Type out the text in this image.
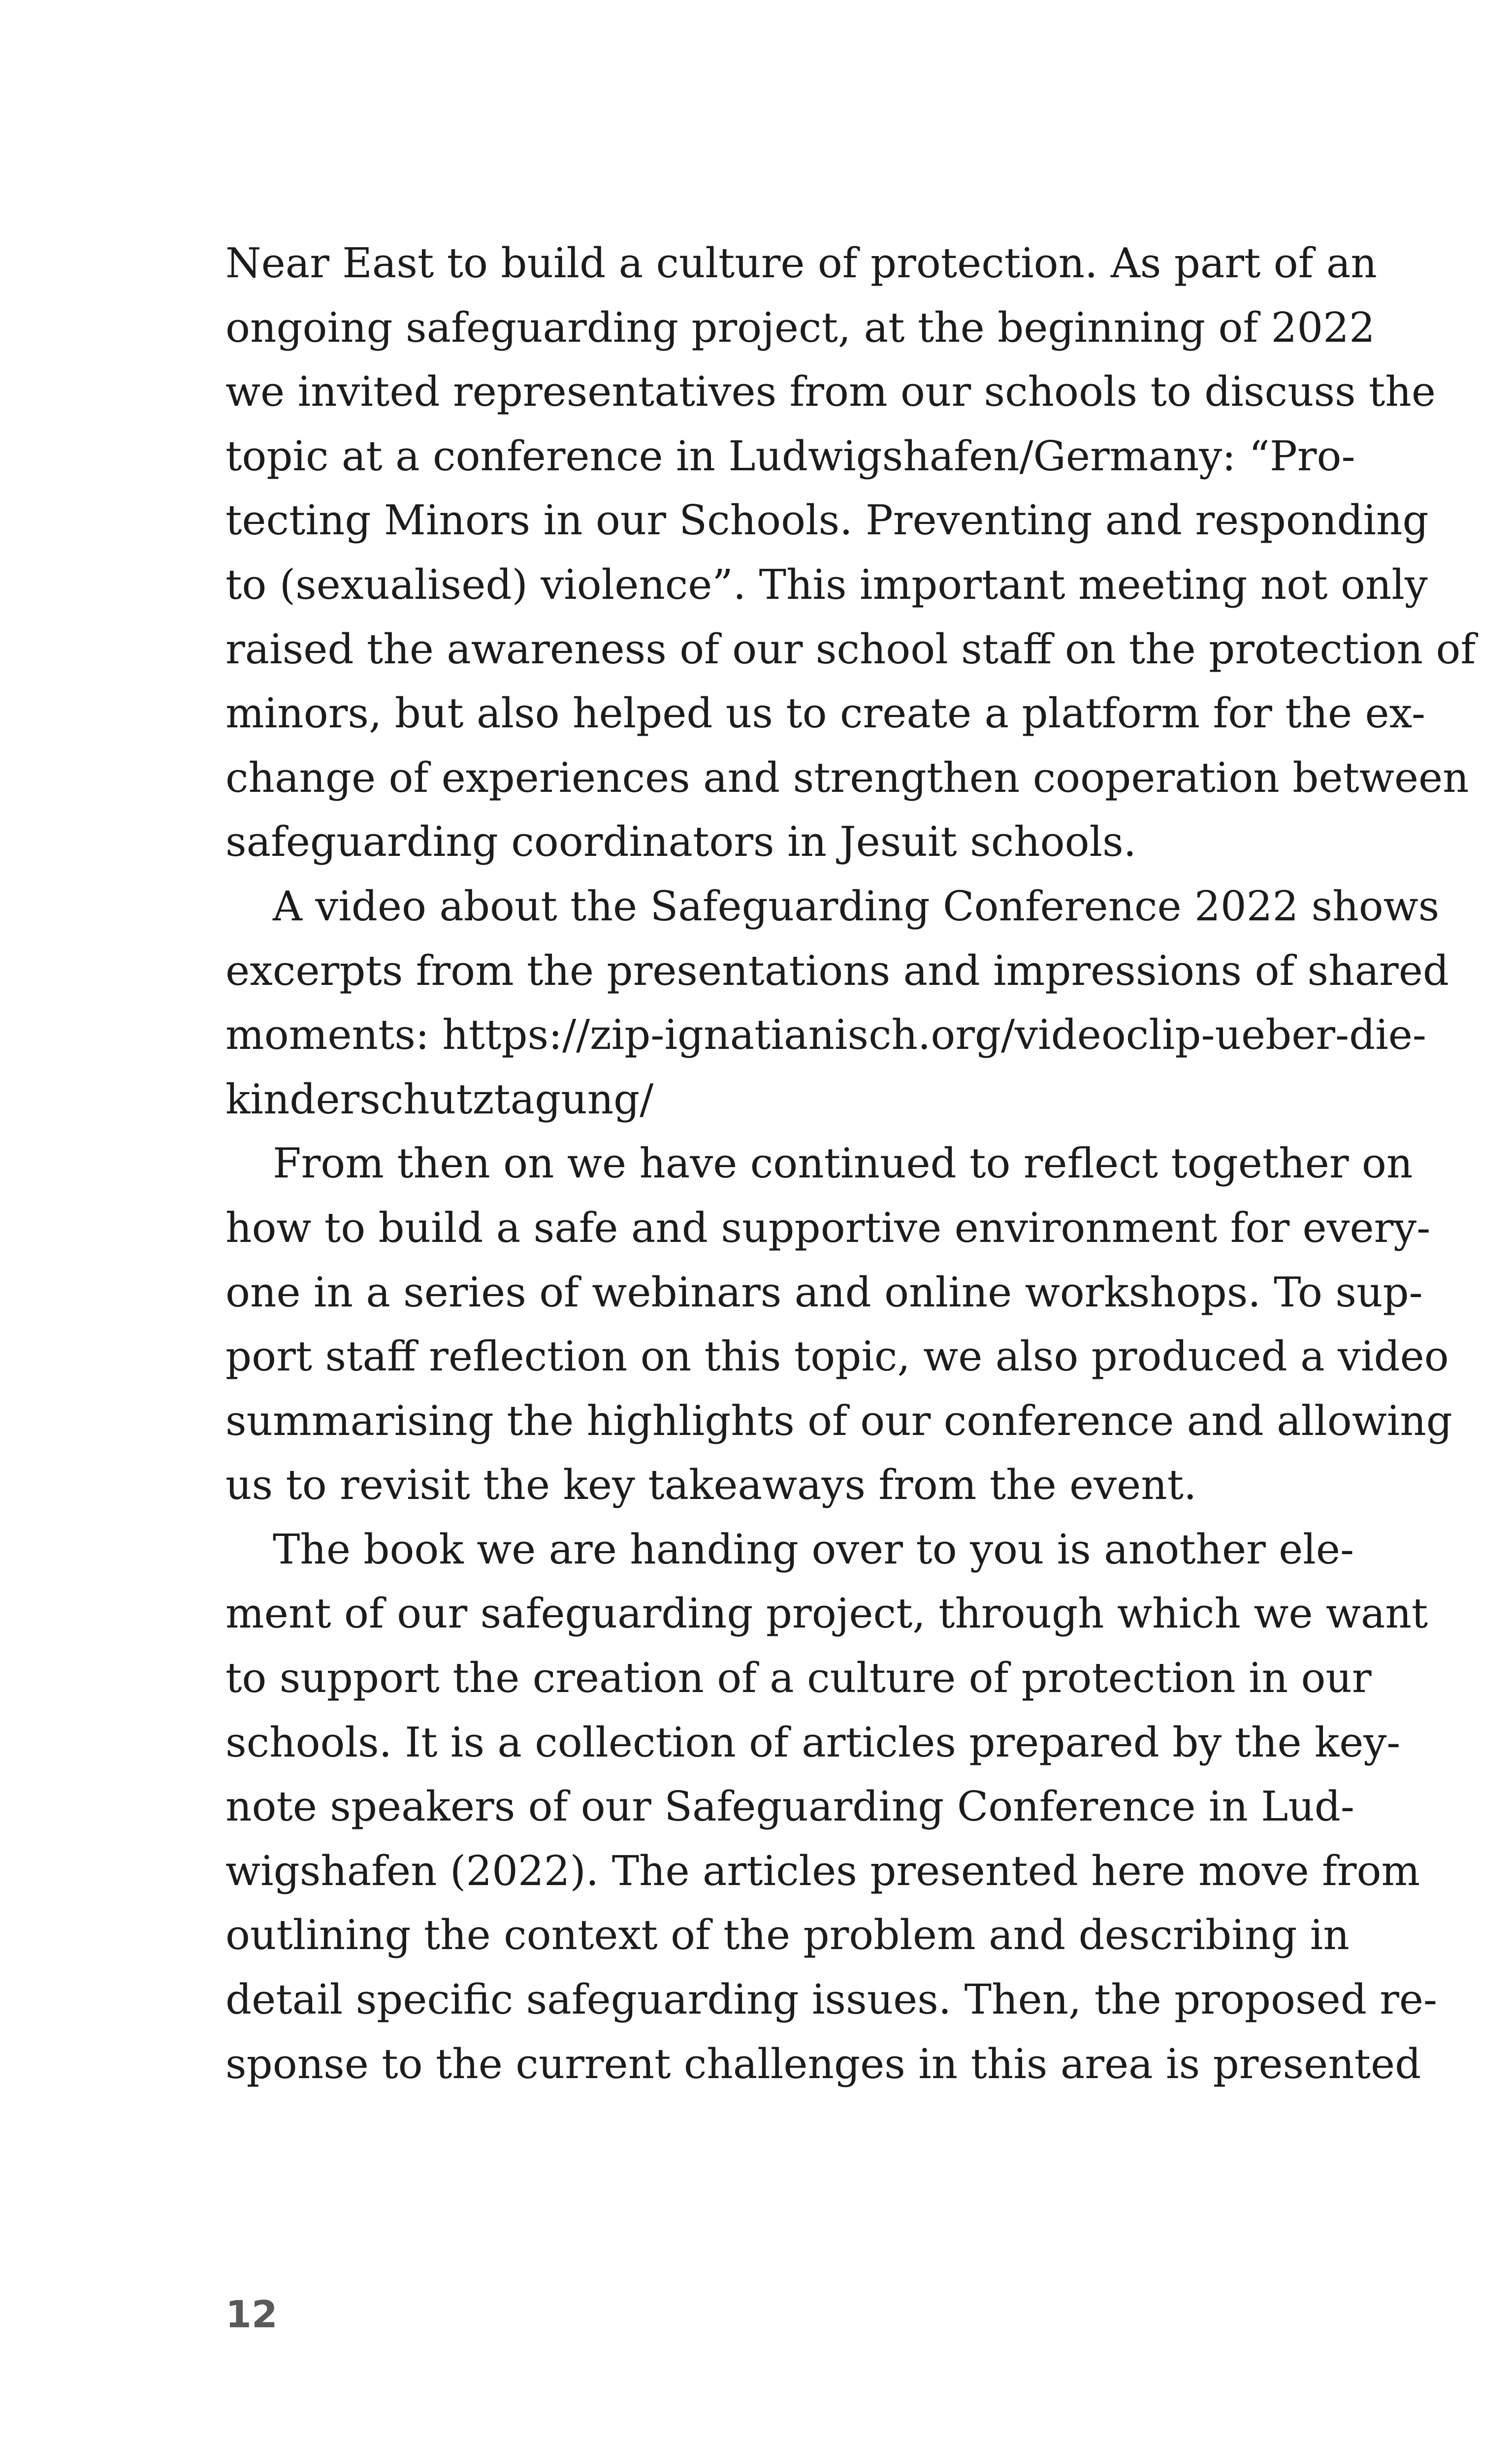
Near East to build a culture of protection. As part of an
ongoing safeguarding project, at the beginning of 2022
we invited representatives from our schools to discuss the
topic at a conference in Ludwigshafen/Germany: “Pro-
tecting Minors in our Schools. Preventing and responding
to (sexualised) violence”. This important meeting not only
raised the awareness of our school staff on the protection of
minors, but also helped us to create a platform for the ex-
change of experiences and strengthen cooperation between
safeguarding coordinators in Jesuit schools.
A video about the Safeguarding Conference 2022 shows
excerpts from the presentations and impressions of shared
moments: https://zip-ignatianisch.org/videoclip-ueber-die-
kinderschutztagung/
From then on we have continued to reflect together on
how to build a safe and supportive environment for every-
one in a series of webinars and online workshops. To sup-
port staff reflection on this topic, we also produced a video
summarising the highlights of our conference and allowing
us to revisit the key takeaways from the event.
The book we are handing over to you is another ele-
ment of our safeguarding project, through which we want
to support the creation of a culture of protection in our
schools. It is a collection of articles prepared by the key-
note speakers of our Safeguarding Conference in Lud-
wigshafen (2022). The articles presented here move from
outlining the context of the problem and describing in
detail specific safeguarding issues. Then, the proposed re-
sponse to the current challenges in this area is presented
12
